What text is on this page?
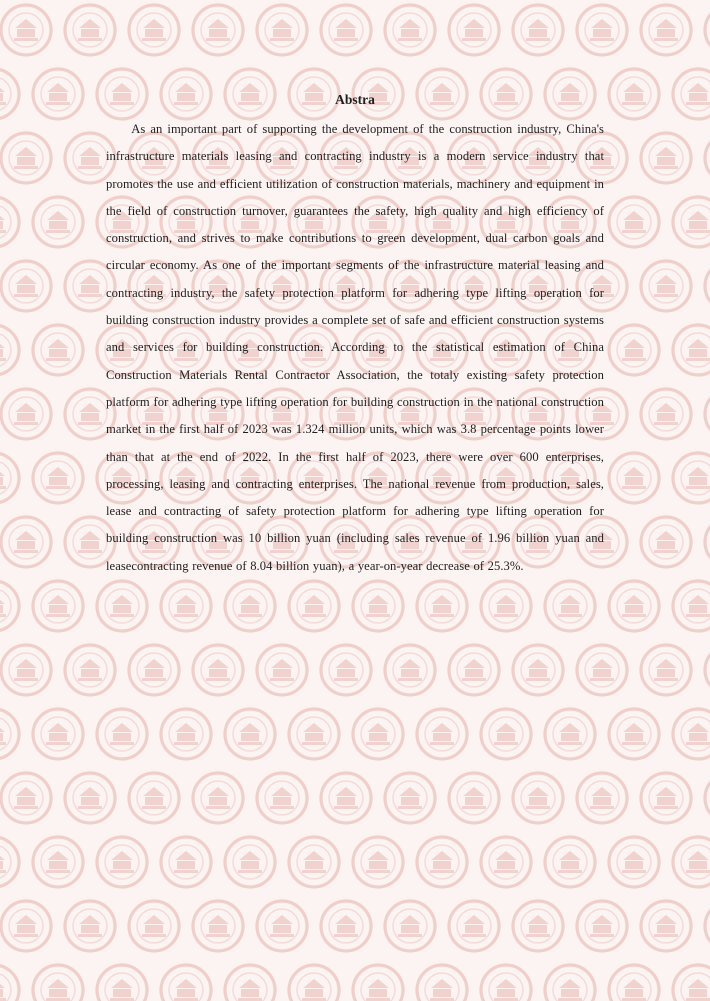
Abstra

As an important part of supporting the development of the construction industry, China's infrastructure materials leasing and contracting industry is a modern service industry that promotes the use and efficient utilization of construction materials, machinery and equipment in the field of construction turnover, guarantees the safety, high quality and high efficiency of construction, and strives to make contributions to green development, dual carbon goals and circular economy. As one of the important segments of the infrastructure material leasing and contracting industry, the safety protection platform for adhering type lifting operation for building construction industry provides a complete set of safe and efficient construction systems and services for building construction. According to the statistical estimation of China Construction Materials Rental Contractor Association, the totaly existing safety protection platform for adhering type lifting operation for building construction in the national construction market in the first half of 2023 was 1.324 million units, which was 3.8 percentage points lower than that at the end of 2022. In the first half of 2023, there were over 600 enterprises, processing, leasing and contracting enterprises. The national revenue from production, sales, lease and contracting of safety protection platform for adhering type lifting operation for building construction was 10 billion yuan (including sales revenue of 1.96 billion yuan and leasecontracting revenue of 8.04 billion yuan), a year-on-year decrease of 25.3%.
